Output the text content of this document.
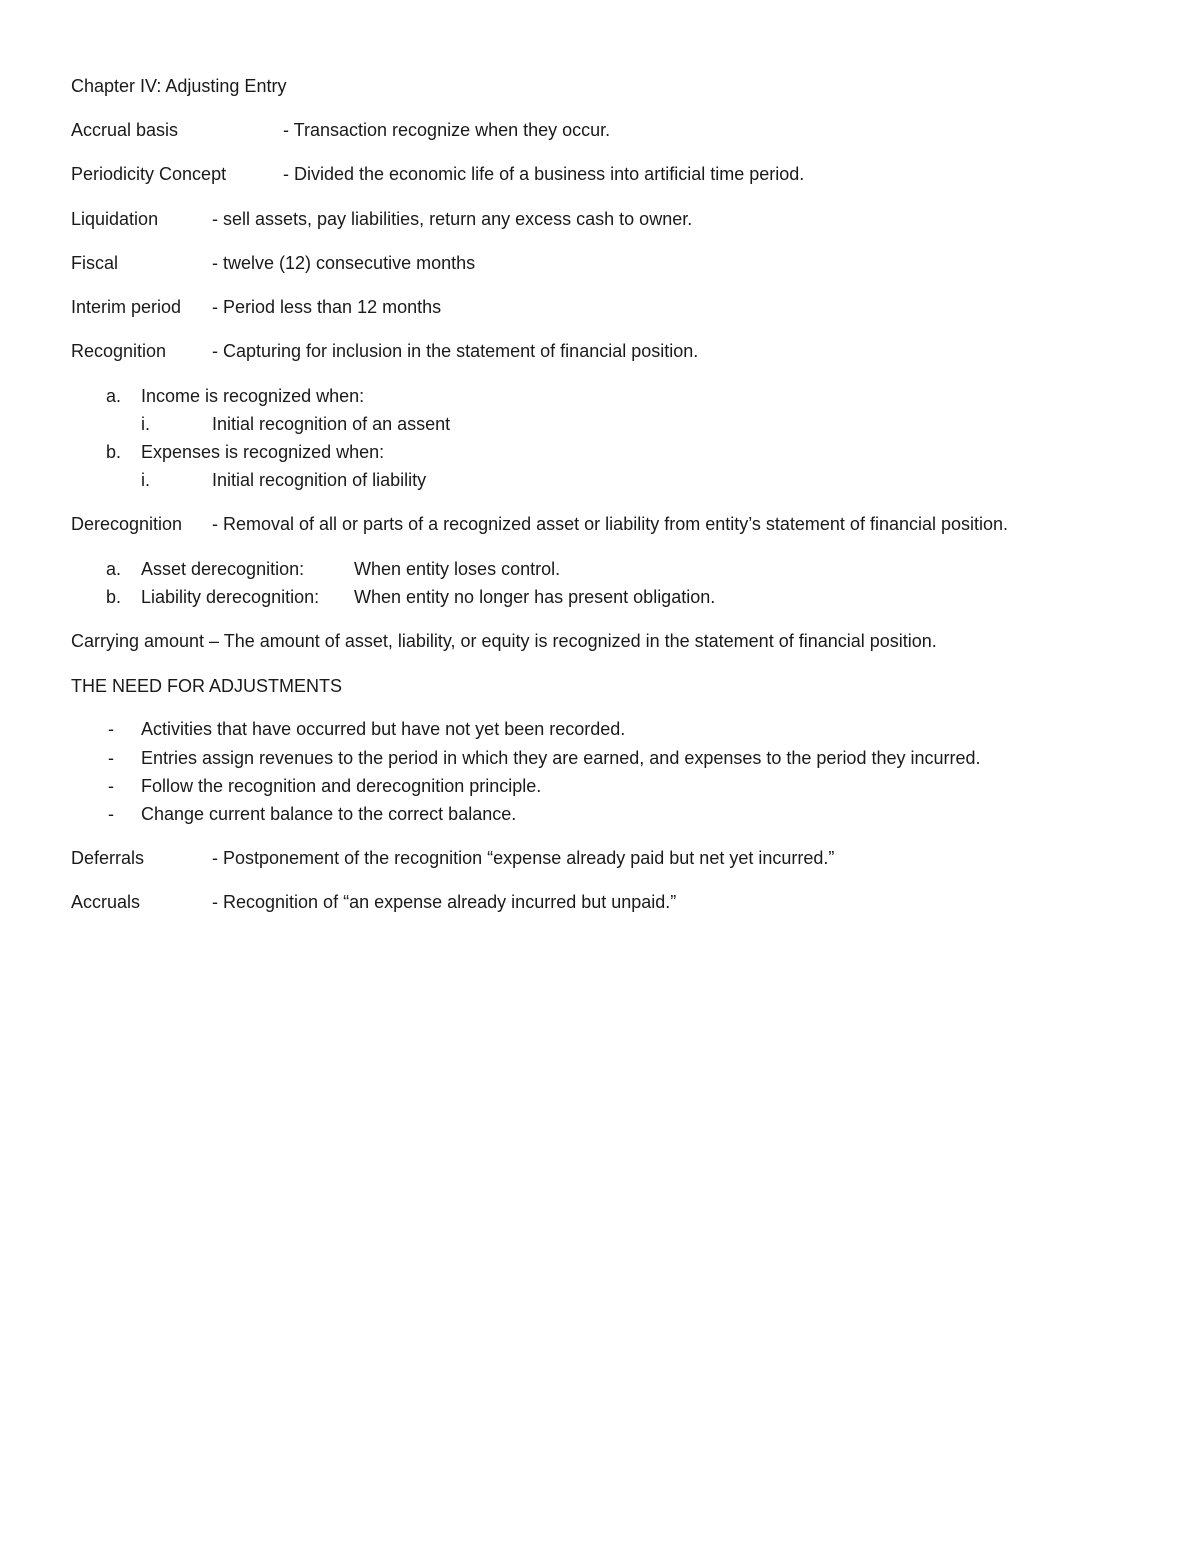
Chapter IV: Adjusting Entry
Accrual basis	- Transaction recognize when they occur.
Periodicity Concept	- Divided the economic life of a business into artificial time period.
Liquidation	- sell assets, pay liabilities, return any excess cash to owner.
Fiscal	- twelve (12) consecutive months
Interim period - Period less than 12 months
Recognition	- Capturing for inclusion in the statement of financial position.
a. Income is recognized when:
i.	Initial recognition of an assent
b. Expenses is recognized when:
i.	Initial recognition of liability
Derecognition - Removal of all or parts of a recognized asset or liability from entity’s statement of financial position.
a. Asset derecognition:	When entity loses control.
b. Liability derecognition: When entity no longer has present obligation.
Carrying amount – The amount of asset, liability, or equity is recognized in the statement of financial position.
THE NEED FOR ADJUSTMENTS
- Activities that have occurred but have not yet been recorded.
- Entries assign revenues to the period in which they are earned, and expenses to the period they incurred.
- Follow the recognition and derecognition principle.
- Change current balance to the correct balance.
Deferrals	- Postponement of the recognition “expense already paid but net yet incurred.”
Accruals	- Recognition of “an expense already incurred but unpaid.”
